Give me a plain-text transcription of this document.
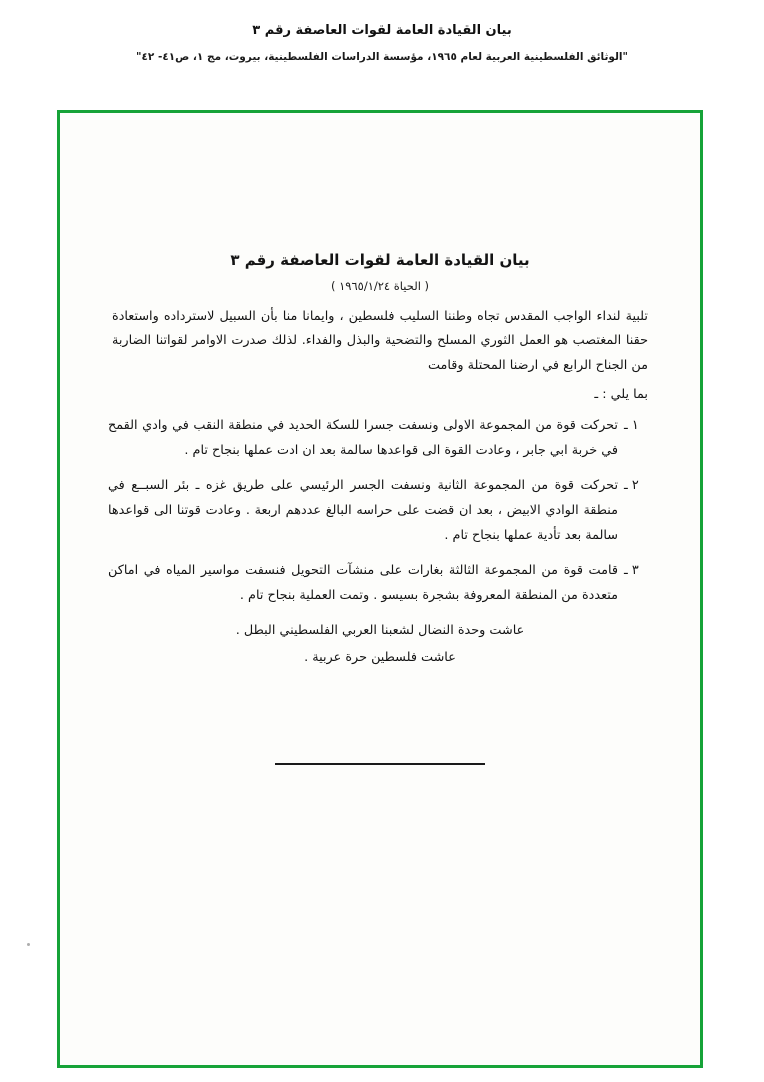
بيان القيادة العامة لقوات العاصفة رقم ٣
"الوثائق الفلسطينية العربية لعام ١٩٦٥، مؤسسة الدراسات الفلسطينية، بيروت، مج ١، ص٤١- ٤٢"
بيان القيادة العامة لقوات العاصفة رقم ٣
( الحياة ١٩٦٥/١/٢٤ )
تلبية لنداء الواجب المقدس تجاه وطننا السليب فلسطين ، وايمانا منا بأن السبيل لاسترداده واستعادة حقنا المغتصب هو العمل الثوري المسلح والتضحية والبذل والفداء. لذلك صدرت الاوامر لقواتنا الضاربة من الجناح الرابع في ارضنا المحتلة وقامت
بما يلي : ـ
١ ـ
تحركت قوة من المجموعة الاولى ونسفت جسرا للسكة الحديد في منطقة النقب في وادي القمح في خربة ابي جابر ، وعادت القوة الى قواعدها سالمة بعد ان ادت عملها بنجاح تام .
٢ ـ
تحركت قوة من المجموعة الثانية ونسفت الجسر الرئيسي على طريق غزه ـ بئر السبــع في منطقة الوادي الابيض ، بعد ان قضت على حراسه البالغ عددهم اربعة . وعادت قوتنا الى قواعدها سالمة بعد تأدية عملها بنجاح تام .
٣ ـ
قامت قوة من المجموعة الثالثة بغارات على منشآت التحويل فنسفت مواسير المياه في اماكن متعددة من المنطقة المعروفة بشجرة بسيسو . وتمت العملية بنجاح تام .
عاشت وحدة النضال لشعبنا العربي الفلسطيني البطل .
عاشت فلسطين حرة عربية .
